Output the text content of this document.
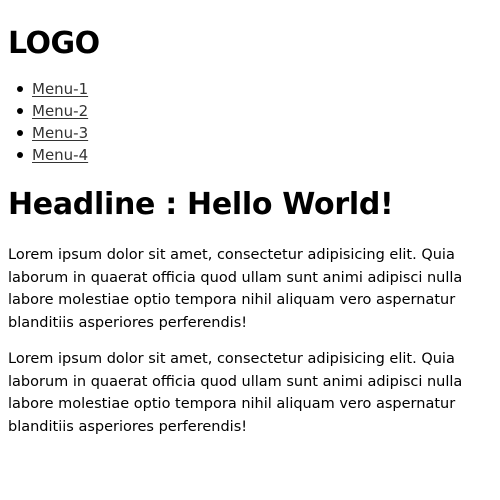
LOGO
Menu-1
Menu-2
Menu-3
Menu-4
Headline : Hello World!

Lorem ipsum dolor sit amet, consectetur adipisicing elit. Quia laborum in quaerat officia quod ullam sunt animi adipisci nulla labore molestiae optio tempora nihil aliquam vero aspernatur blanditiis asperiores perferendis!

Lorem ipsum dolor sit amet, consectetur adipisicing elit. Quia laborum in quaerat officia quod ullam sunt animi adipisci nulla labore molestiae optio tempora nihil aliquam vero aspernatur blanditiis asperiores perferendis!
